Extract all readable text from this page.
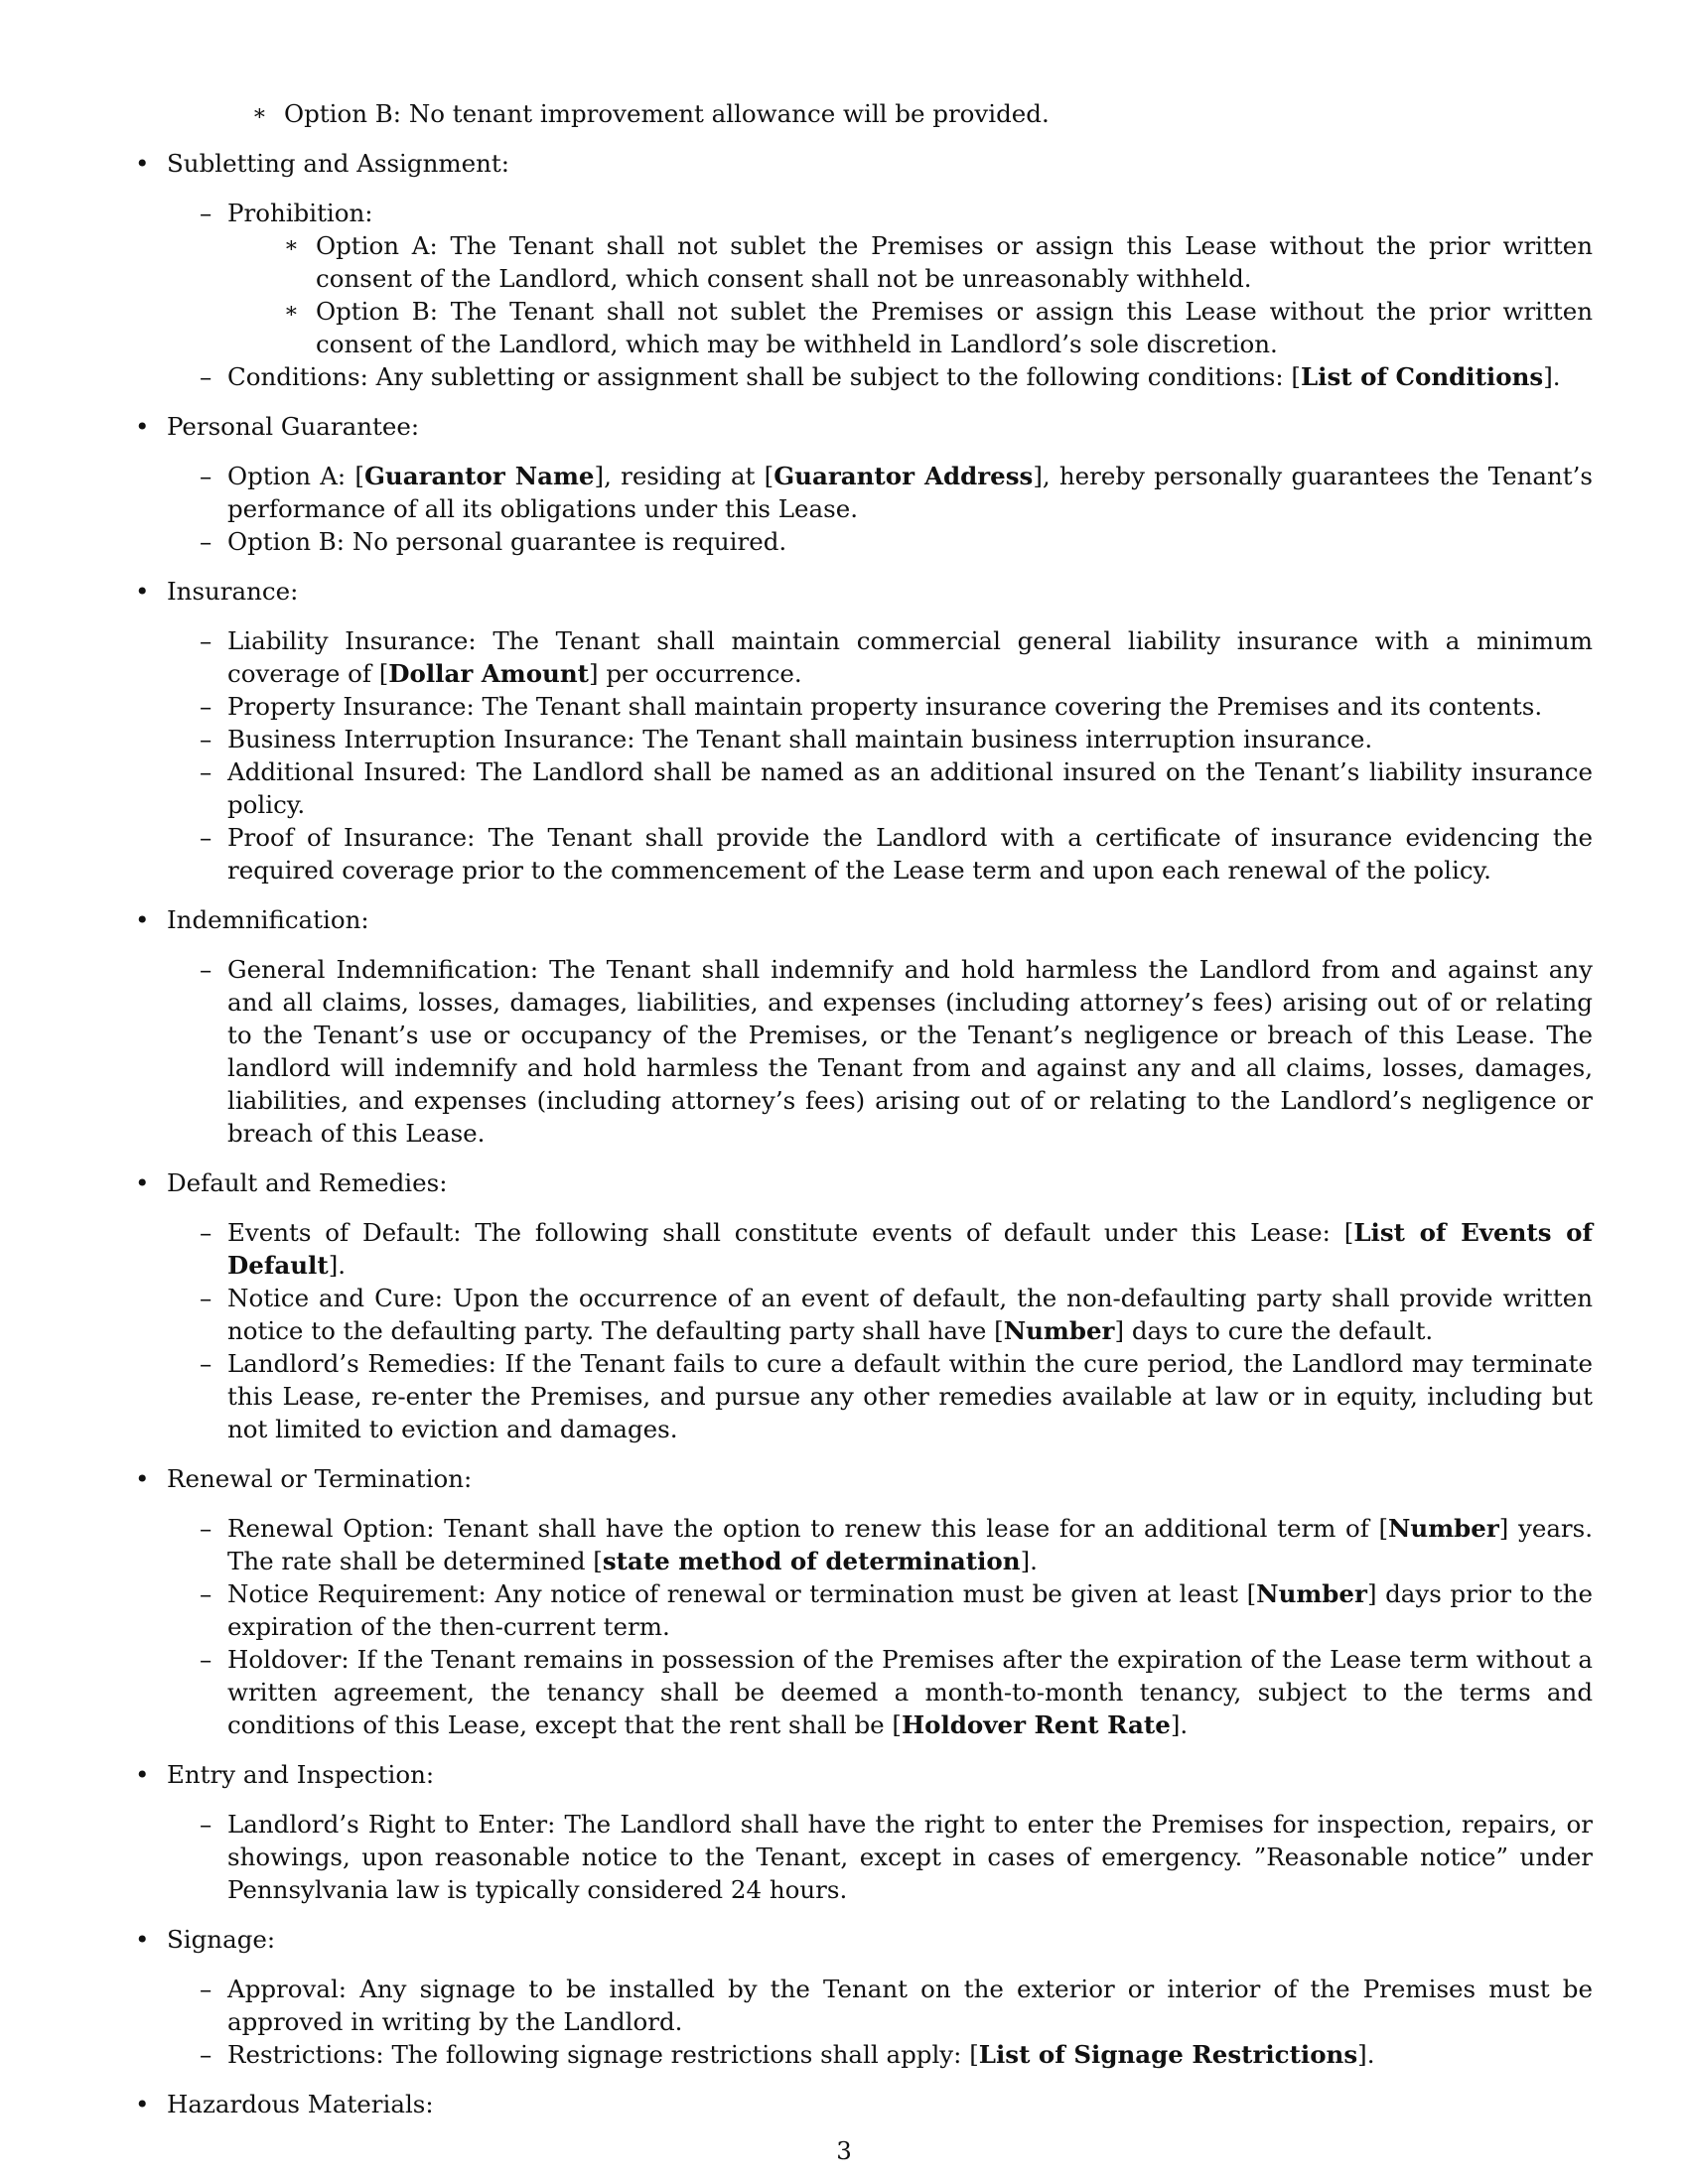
∗ Option B: No tenant improvement allowance will be provided.
• Subletting and Assignment:
– Prohibition:
∗ Option A: The Tenant shall not sublet the Premises or assign this Lease without the prior written consent of the Landlord, which consent shall not be unreasonably withheld.
∗ Option B: The Tenant shall not sublet the Premises or assign this Lease without the prior written consent of the Landlord, which may be withheld in Landlord’s sole discretion.
– Conditions: Any subletting or assignment shall be subject to the following conditions: [List of Conditions].
• Personal Guarantee:
– Option A: [Guarantor Name], residing at [Guarantor Address], hereby personally guarantees the Tenant’s performance of all its obligations under this Lease.
– Option B: No personal guarantee is required.
• Insurance:
– Liability Insurance: The Tenant shall maintain commercial general liability insurance with a minimum coverage of [Dollar Amount] per occurrence.
– Property Insurance: The Tenant shall maintain property insurance covering the Premises and its contents.
– Business Interruption Insurance: The Tenant shall maintain business interruption insurance.
– Additional Insured: The Landlord shall be named as an additional insured on the Tenant’s liability insurance policy.
– Proof of Insurance: The Tenant shall provide the Landlord with a certificate of insurance evidencing the required coverage prior to the commencement of the Lease term and upon each renewal of the policy.
• Indemnification:
– General Indemnification: The Tenant shall indemnify and hold harmless the Landlord from and against any and all claims, losses, damages, liabilities, and expenses (including attorney’s fees) arising out of or relating to the Tenant’s use or occupancy of the Premises, or the Tenant’s negligence or breach of this Lease. The landlord will indemnify and hold harmless the Tenant from and against any and all claims, losses, damages, liabilities, and expenses (including attorney’s fees) arising out of or relating to the Landlord’s negligence or breach of this Lease.
• Default and Remedies:
– Events of Default: The following shall constitute events of default under this Lease: [List of Events of Default].
– Notice and Cure: Upon the occurrence of an event of default, the non-defaulting party shall provide written notice to the defaulting party. The defaulting party shall have [Number] days to cure the default.
– Landlord’s Remedies: If the Tenant fails to cure a default within the cure period, the Landlord may terminate this Lease, re-enter the Premises, and pursue any other remedies available at law or in equity, including but not limited to eviction and damages.
• Renewal or Termination:
– Renewal Option: Tenant shall have the option to renew this lease for an additional term of [Number] years. The rate shall be determined [state method of determination].
– Notice Requirement: Any notice of renewal or termination must be given at least [Number] days prior to the expiration of the then-current term.
– Holdover: If the Tenant remains in possession of the Premises after the expiration of the Lease term without a written agreement, the tenancy shall be deemed a month-to-month tenancy, subject to the terms and conditions of this Lease, except that the rent shall be [Holdover Rent Rate].
• Entry and Inspection:
– Landlord’s Right to Enter: The Landlord shall have the right to enter the Premises for inspection, repairs, or showings, upon reasonable notice to the Tenant, except in cases of emergency. ”Reasonable notice” under Pennsylvania law is typically considered 24 hours.
• Signage:
– Approval: Any signage to be installed by the Tenant on the exterior or interior of the Premises must be approved in writing by the Landlord.
– Restrictions: The following signage restrictions shall apply: [List of Signage Restrictions].
• Hazardous Materials:
3
